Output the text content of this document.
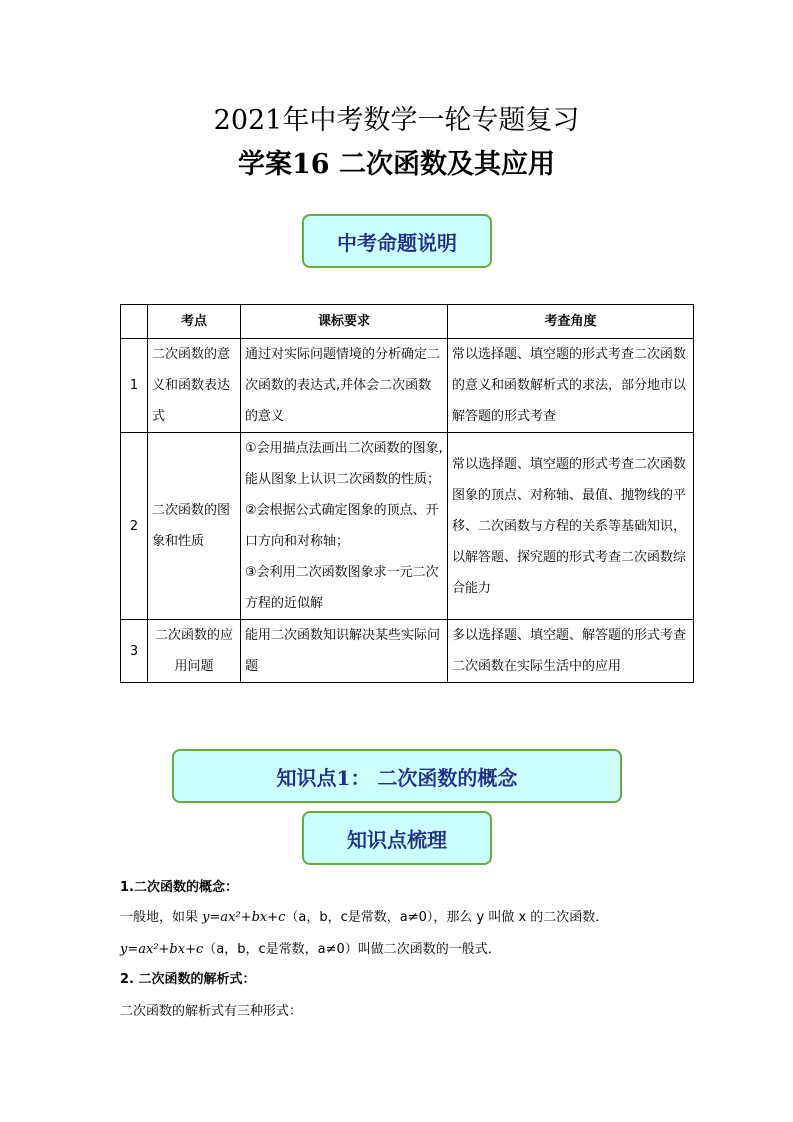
2021年中考数学一轮专题复习
学案16 二次函数及其应用
中考命题说明
	考点	课标要求	考查角度
1	二次函数的意义和函数表达式	通过对实际问题情境的分析确定二次函数的表达式,并体会二次函数的意义	常以选择题、填空题的形式考查二次函数的意义和函数解析式的求法，部分地市以解答题的形式考查
2	二次函数的图象和性质	①会用描点法画出二次函数的图象,能从图象上认识二次函数的性质；
②会根据公式确定图象的顶点、开口方向和对称轴；
③会利用二次函数图象求一元二次方程的近似解	常以选择题、填空题的形式考查二次函数图象的顶点、对称轴、最值、抛物线的平移、二次函数与方程的关系等基础知识，以解答题、探究题的形式考查二次函数综合能力
3	二次函数的应用问题	能用二次函数知识解决某些实际问题	多以选择题、填空题、解答题的形式考查二次函数在实际生活中的应用
知识点1： 二次函数的概念
知识点梳理
1.二次函数的概念：
一般地，如果 y=ax²+bx+c（a，b，c是常数，a≠0），那么 y 叫做 x 的二次函数．
y=ax²+bx+c（a，b，c是常数，a≠0）叫做二次函数的一般式．
2. 二次函数的解析式：
二次函数的解析式有三种形式：
